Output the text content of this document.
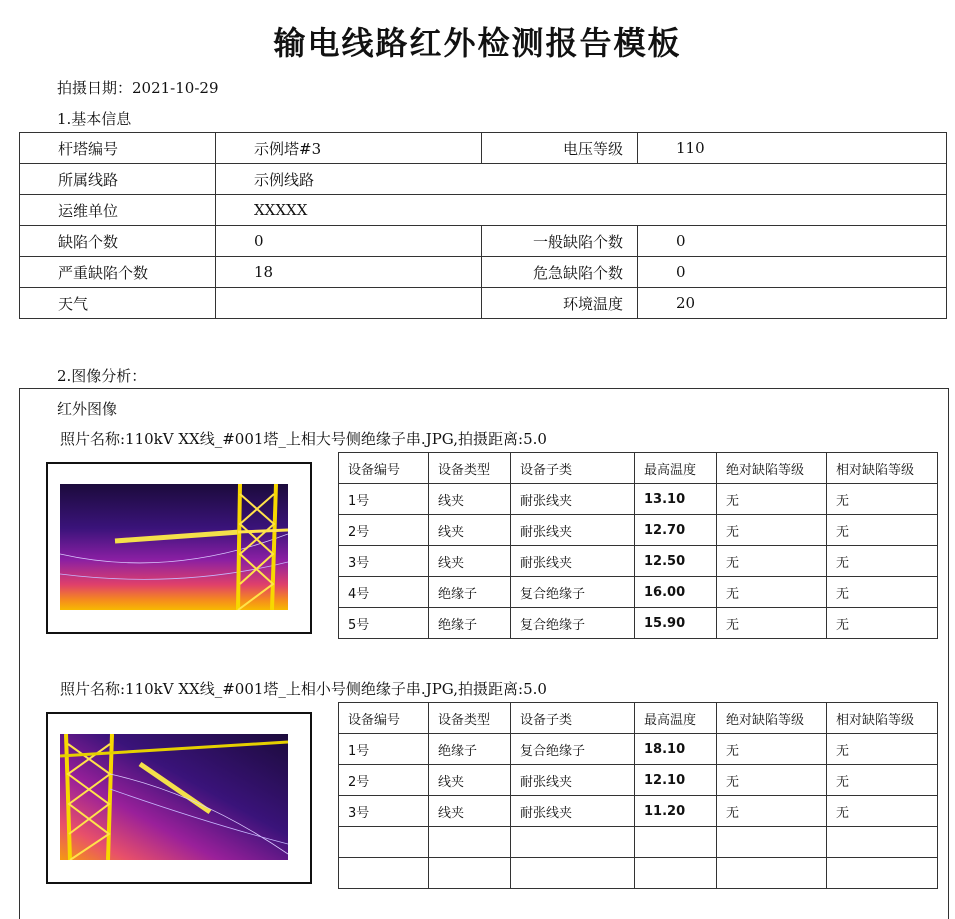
输电线路红外检测报告模板
拍摄日期：2021-10-29
1.基本信息
杆塔编号	示例塔#3	电压等级	110
所属线路	示例线路		
运维单位	XXXXX		
缺陷个数	0	一般缺陷个数	0
严重缺陷个数	18	危急缺陷个数	0
天气		环境温度	20
2.图像分析：
红外图像
照片名称:110kV XX线_#001塔_上相大号侧绝缘子串.JPG,拍摄距离:5.0
设备编号	设备类型	设备子类	最高温度	绝对缺陷等级	相对缺陷等级
1号	线夹	耐张线夹	13.10	无	无
2号	线夹	耐张线夹	12.70	无	无
3号	线夹	耐张线夹	12.50	无	无
4号	绝缘子	复合绝缘子	16.00	无	无
5号	绝缘子	复合绝缘子	15.90	无	无
照片名称:110kV XX线_#001塔_上相小号侧绝缘子串.JPG,拍摄距离:5.0
设备编号	设备类型	设备子类	最高温度	绝对缺陷等级	相对缺陷等级
1号	绝缘子	复合绝缘子	18.10	无	无
2号	线夹	耐张线夹	12.10	无	无
3号	线夹	耐张线夹	11.20	无	无
